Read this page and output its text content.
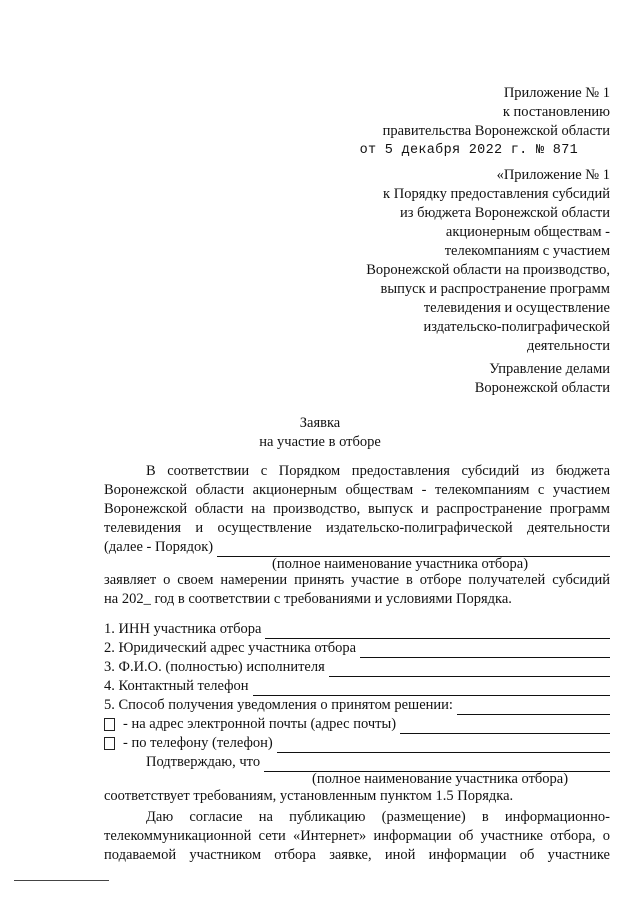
Приложение № 1
к постановлению
правительства Воронежской области
от 5 декабря 2022 г. № 871
«Приложение № 1
к Порядку предоставления субсидий
из бюджета Воронежской области
акционерным обществам -
телекомпаниям с участием
Воронежской области на производство,
выпуск и распространение программ
телевидения и осуществление
издательско-полиграфической
деятельности
Управление делами
Воронежской области
Заявка
на участие в отборе
В соответствии с Порядком предоставления субсидий из бюджета
Воронежской области акционерным обществам - телекомпаниям с участием
Воронежской области на производство, выпуск и распространение программ
телевидения и осуществление издательско-полиграфической деятельности
(далее - Порядок)
(полное наименование участника отбора)
заявляет о своем намерении принять участие в отборе получателей субсидий
на 202_ год в соответствии с требованиями и условиями Порядка.
1. ИНН участника отбора
2. Юридический адрес участника отбора
3. Ф.И.О. (полностью) исполнителя
4. Контактный телефон
5. Способ получения уведомления о принятом решении:
- на адрес электронной почты (адрес почты)
- по телефону (телефон)
Подтверждаю, что
(полное наименование участника отбора)
соответствует требованиям, установленным пунктом 1.5 Порядка.
Даю согласие на публикацию (размещение) в информационно-
телекоммуникационной сети «Интернет» информации об участнике отбора, о
подаваемой участником отбора заявке, иной информации об участнике
